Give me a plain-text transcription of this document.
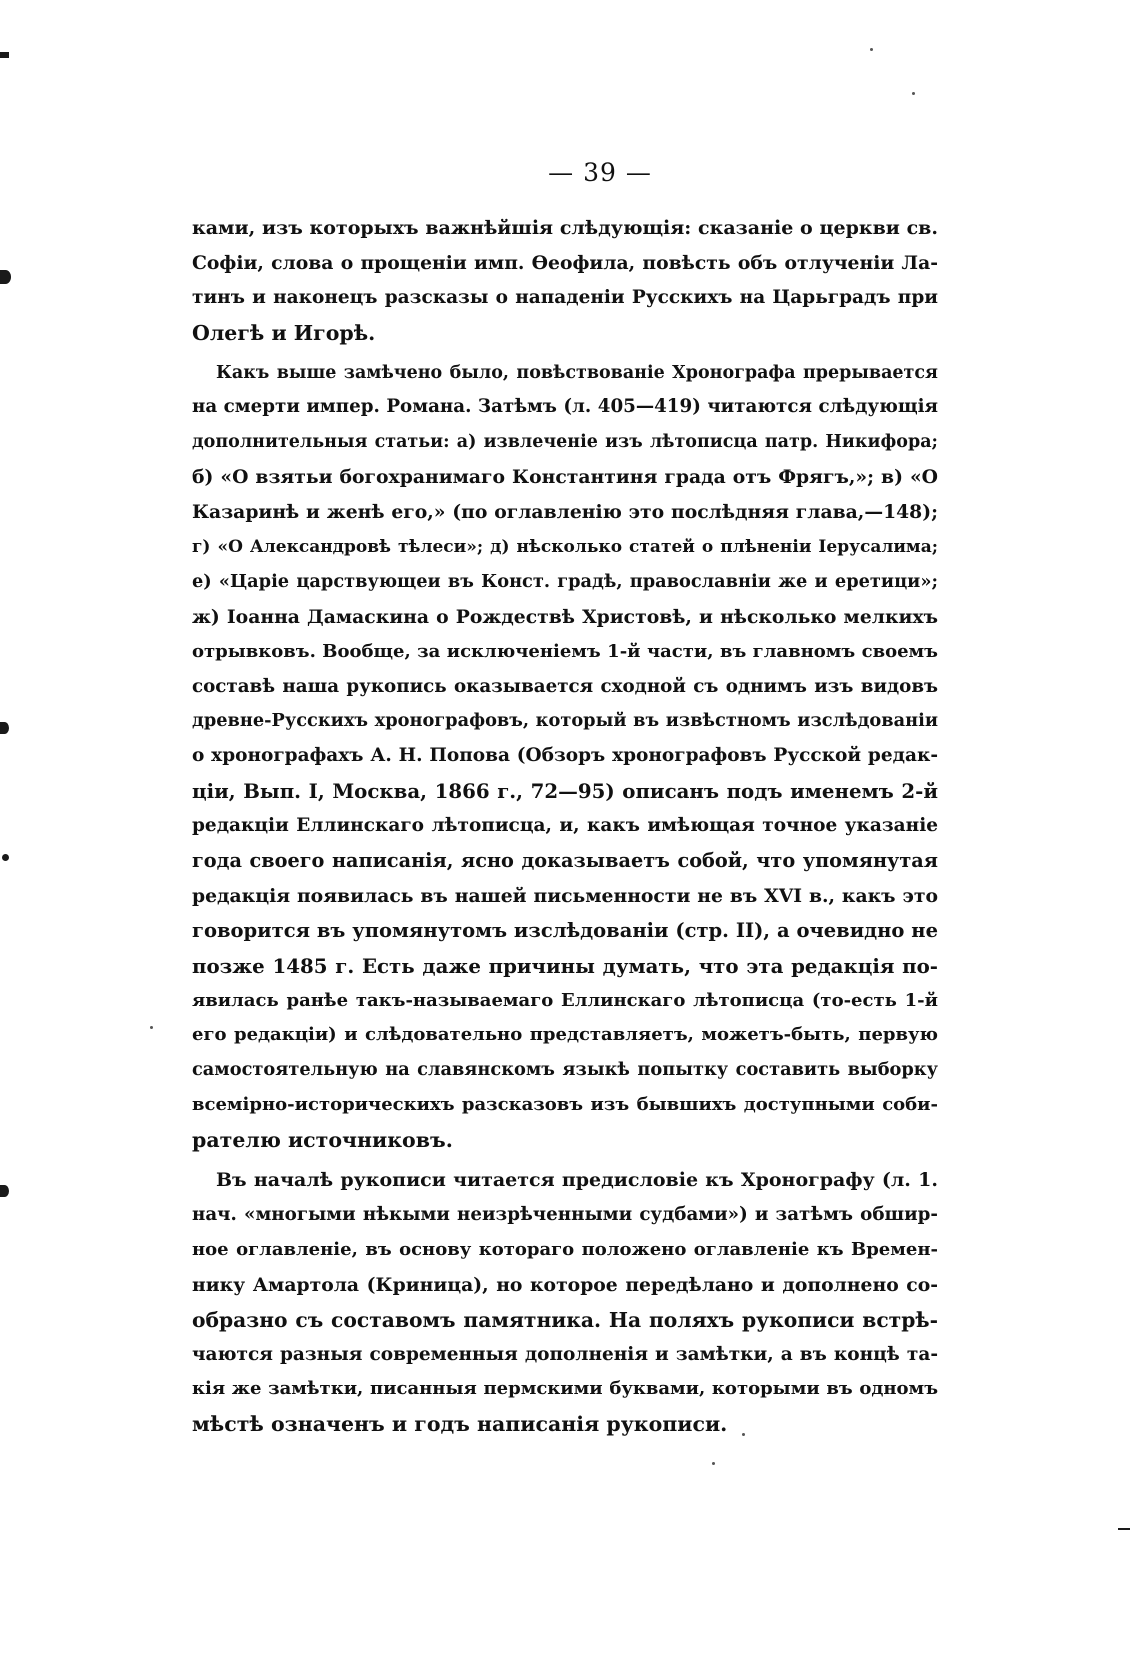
— 39 —
ками, изъ которыхъ важнѣйшія слѣдующія: сказаніе о церкви св.
Софіи, слова о прощеніи имп. Ѳеофила, повѣсть объ отлученіи Ла-
тинъ и наконецъ разсказы о нападеніи Русскихъ на Царьградъ при
Олегѣ и Игорѣ.
Какъ выше замѣчено было, повѣствованіе Хронографа прерывается
на смерти импер. Романа. Затѣмъ (л. 405—419) читаются слѣдующія
дополнительныя статьи: а) извлеченіе изъ лѣтописца патр. Никифора;
б) «О взятьи богохранимаго Константиня града отъ Фрягъ,»; в) «О
Казаринѣ и женѣ его,» (по оглавленію это послѣдняя глава,—148);
г) «О Александровѣ тѣлеси»; д) нѣсколько статей о плѣненіи Іерусалима;
е) «Царіе царствующеи въ Конст. градѣ, православніи же и еретици»;
ж) Іоанна Дамаскина о Рождествѣ Христовѣ, и нѣсколько мелкихъ
отрывковъ. Вообще, за исключеніемъ 1-й части, въ главномъ своемъ
составѣ наша рукопись оказывается сходной съ однимъ изъ видовъ
древне-Русскихъ хронографовъ, который въ извѣстномъ изслѣдованіи
о хронографахъ А. Н. Попова (Обзоръ хронографовъ Русской редак-
ціи, Вып. I, Москва, 1866 г., 72—95) описанъ подъ именемъ 2-й
редакціи Еллинскаго лѣтописца, и, какъ имѣющая точное указаніе
года своего написанія, ясно доказываетъ собой, что упомянутая
редакція появилась въ нашей письменности не въ XVI в., какъ это
говорится въ упомянутомъ изслѣдованіи (стр. II), а очевидно не
позже 1485 г. Есть даже причины думать, что эта редакція по-
явилась ранѣе такъ-называемаго Еллинскаго лѣтописца (то-есть 1-й
его редакціи) и слѣдовательно представляетъ, можетъ-быть, первую
самостоятельную на славянскомъ языкѣ попытку составить выборку
всемірно-историческихъ разсказовъ изъ бывшихъ доступными соби-
рателю источниковъ.
Въ началѣ рукописи читается предисловіе къ Хронографу (л. 1.
нач. «многыми нѣкыми неизрѣченными судбами») и затѣмъ обшир-
ное оглавленіе, въ основу котораго положено оглавленіе къ Времен-
нику Амартола (Криница), но которое передѣлано и дополнено со-
образно съ составомъ памятника. На поляхъ рукописи встрѣ-
чаются разныя современныя дополненія и замѣтки, а въ концѣ та-
кія же замѣтки, писанныя пермскими буквами, которыми въ одномъ
мѣстѣ означенъ и годъ написанія рукописи.
